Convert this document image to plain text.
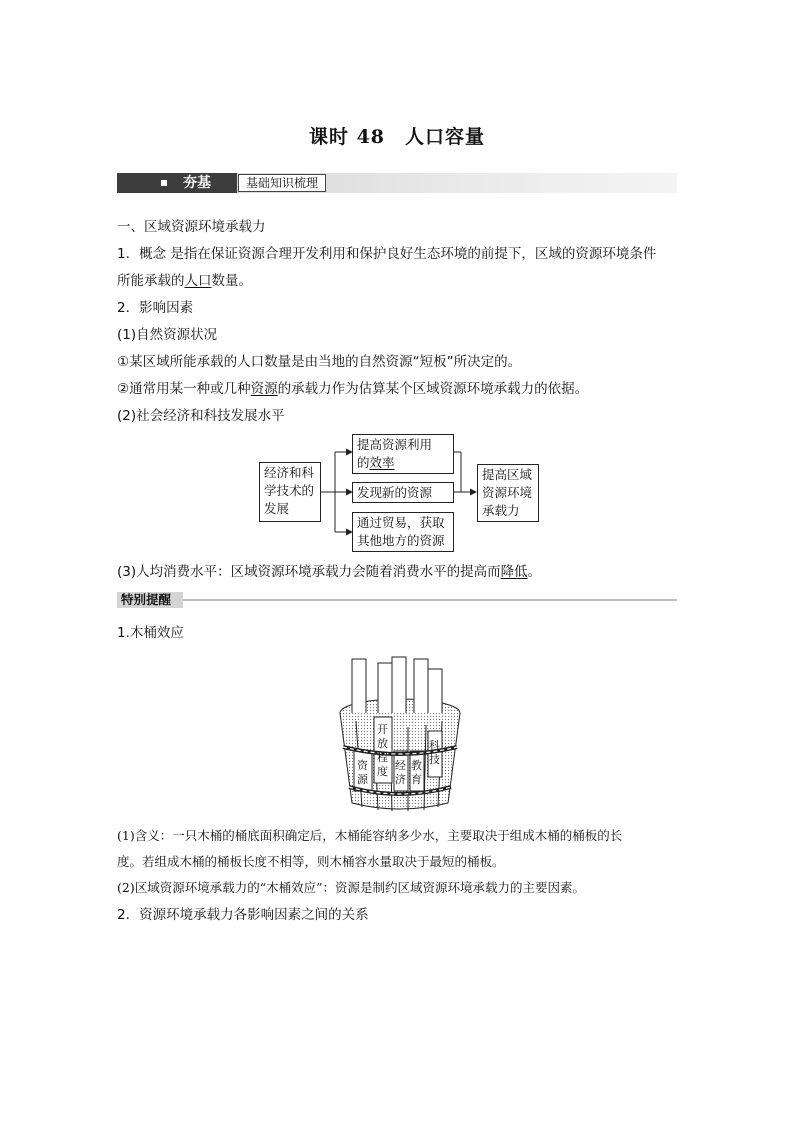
课时 48　人口容量
夯基	基础知识梳理
一、区域资源环境承载力
1．概念 是指在保证资源合理开发利用和保护良好生态环境的前提下，区域的资源环境条件
所能承载的人口数量。
2．影响因素
(1)自然资源状况
①某区域所能承载的人口数量是由当地的自然资源“短板”所决定的。
②通常用某一种或几种资源的承载力作为估算某个区域资源环境承载力的依据。
(2)社会经济和科技发展水平
经济和科
学技术的
发展
提高资源利用
的效率
发现新的资源
通过贸易，获取
其他地方的资源
提高区域
资源环境
承载力
(3)人均消费水平：区域资源环境承载力会随着消费水平的提高而降低。
特别提醒
1.木桶效应
开
放
程
度
资
源
经
济
教
育
科
技
(1)含义：一只木桶的桶底面积确定后，木桶能容纳多少水，主要取决于组成木桶的桶板的长
度。若组成木桶的桶板长度不相等，则木桶容水量取决于最短的桶板。
(2)区域资源环境承载力的“木桶效应”：资源是制约区域资源环境承载力的主要因素。
2．资源环境承载力各影响因素之间的关系
